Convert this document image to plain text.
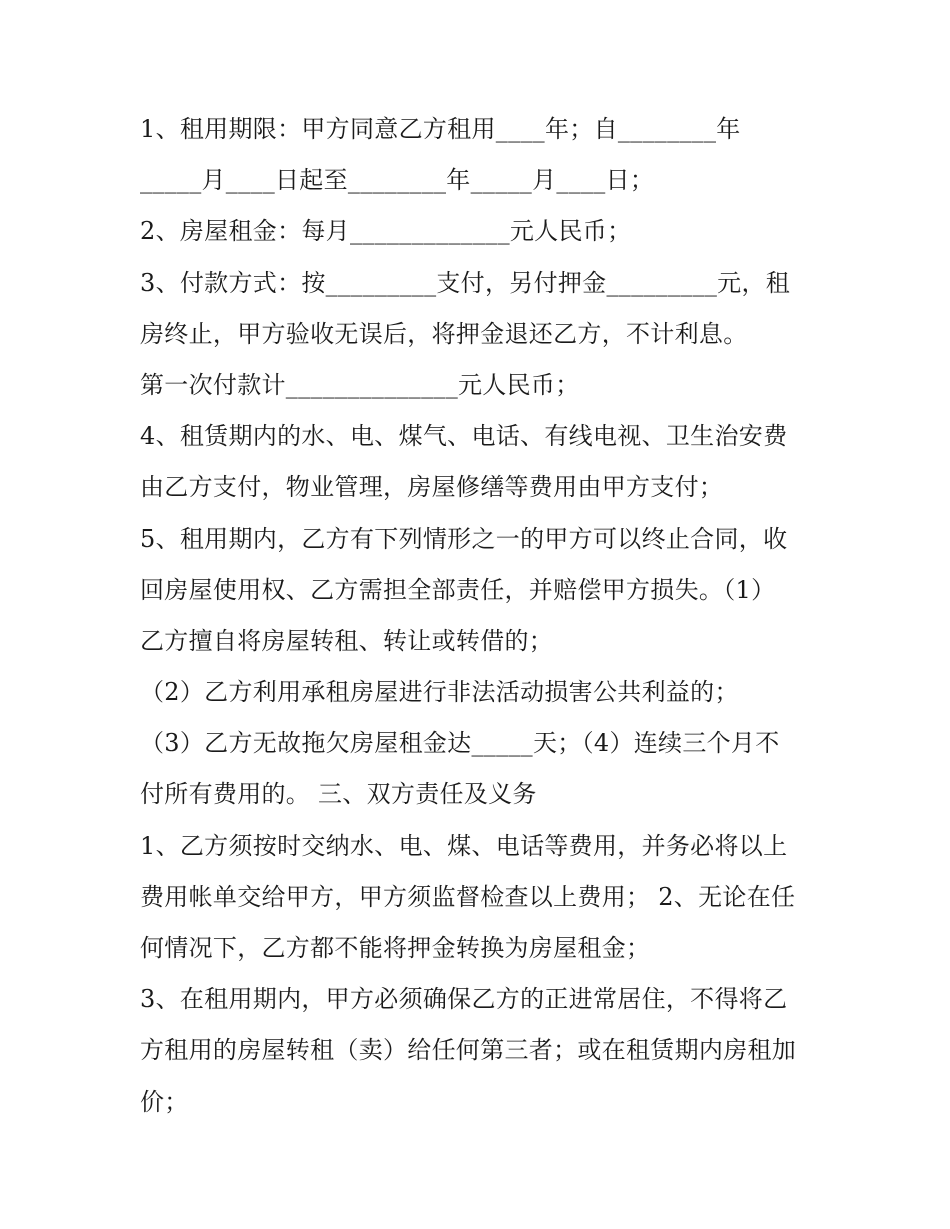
1、租用期限：甲方同意乙方租用____年；自________年
_____月____日起至________年_____月____日；
2、房屋租金：每月_____________元人民币；
3、付款方式：按_________支付，另付押金_________元，租
房终止，甲方验收无误后，将押金退还乙方，不计利息。
第一次付款计______________元人民币；
4、租赁期内的水、电、煤气、电话、有线电视、卫生治安费
由乙方支付，物业管理，房屋修缮等费用由甲方支付；
5、租用期内，乙方有下列情形之一的甲方可以终止合同，收
回房屋使用权、乙方需担全部责任，并赔偿甲方损失。（1）
乙方擅自将房屋转租、转让或转借的；
（2）乙方利用承租房屋进行非法活动损害公共利益的；
（3）乙方无故拖欠房屋租金达_____天；（4）连续三个月不
付所有费用的。 三、双方责任及义务
1、乙方须按时交纳水、电、煤、电话等费用，并务必将以上
费用帐单交给甲方，甲方须监督检查以上费用； 2、无论在任
何情况下，乙方都不能将押金转换为房屋租金；
3、在租用期内，甲方必须确保乙方的正进常居住，不得将乙
方租用的房屋转租（卖）给任何第三者；或在租赁期内房租加
价；
